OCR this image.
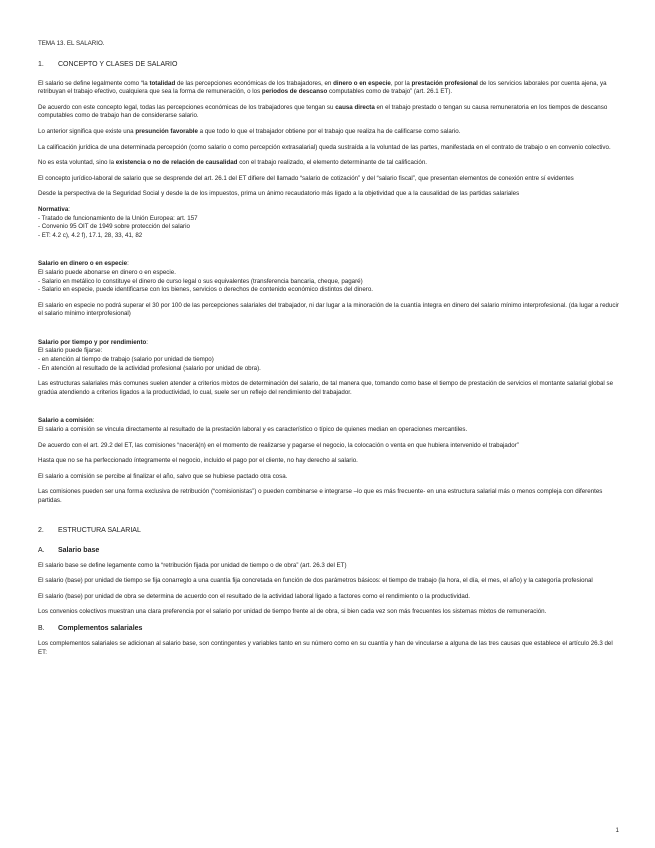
TEMA 13. EL SALARIO.

1. CONCEPTO Y CLASES DE SALARIO

El salario se define legalmente como “la totalidad de las percepciones económicas de los trabajadores, en dinero o en especie, por la prestación profesional de los servicios laborales por cuenta ajena, ya retribuyan el trabajo efectivo, cualquiera que sea la forma de remuneración, o los periodos de descanso computables como de trabajo” (art. 26.1 ET).

De acuerdo con este concepto legal, todas las percepciones económicas de los trabajadores que tengan su causa directa en el trabajo prestado o tengan su causa remuneratoria en los tiempos de descanso computables como de trabajo han de considerarse salario.

Lo anterior significa que existe una presunción favorable a que todo lo que el trabajador obtiene por el trabajo que realiza ha de calificarse como salario.

La calificación jurídica de una determinada percepción (como salario o como percepción extrasalarial) queda sustraída a la voluntad de las partes, manifestada en el contrato de trabajo o en convenio colectivo.

No es esta voluntad, sino la existencia o no de relación de causalidad con el trabajo realizado, el elemento determinante de tal calificación.

El concepto jurídico-laboral de salario que se desprende del art. 26.1 del ET difiere del llamado “salario de cotización” y del “salario fiscal”, que presentan elementos de conexión entre sí evidentes

Desde la perspectiva de la Seguridad Social y desde la de los impuestos, prima un ánimo recaudatorio más ligado a la objetividad que a la causalidad de las partidas salariales

Normativa:

- Tratado de funcionamiento de la Unión Europea: art. 157

- Convenio 95 OIT de 1949 sobre protección del salario

- ET: 4.2 c), 4.2 f), 17.1, 28, 33, 41, 82

Salario en dinero o en especie:

El salario puede abonarse en dinero o en especie.

- Salario en metálico lo constituye el dinero de curso legal o sus equivalentes (transferencia bancaria, cheque, pagaré)

- Salario en especie, puede identificarse con los bienes, servicios o derechos de contenido económico distintos del dinero.

El salario en especie no podrá superar el 30 por 100 de las percepciones salariales del trabajador, ni dar lugar a la minoración de la cuantía íntegra en dinero del salario mínimo interprofesional. (da lugar a reducir el salario mínimo interprofesional)

Salario por tiempo y por rendimiento:

El salario puede fijarse:

- en atención al tiempo de trabajo (salario por unidad de tiempo)

- En atención al resultado de la actividad profesional (salario por unidad de obra).

Las estructuras salariales más comunes suelen atender a criterios mixtos de determinación del salario, de tal manera que, tomando como base el tiempo de prestación de servicios el montante salarial global se gradúa atendiendo a criterios ligados a la productividad, lo cual, suele ser un reflejo del rendimiento del trabajador.

Salario a comisión:

El salario a comisión se vincula directamente al resultado de la prestación laboral y es característico o típico de quienes median en operaciones mercantiles.

De acuerdo con el art. 29.2 del ET, las comisiones “nacerá(n) en el momento de realizarse y pagarse el negocio, la colocación o venta en que hubiera intervenido el trabajador”

Hasta que no se ha perfeccionado íntegramente el negocio, incluido el pago por el cliente, no hay derecho al salario.

El salario a comisión se percibe al finalizar el año, salvo que se hubiese pactado otra cosa.

Las comisiones pueden ser una forma exclusiva de retribución (“comisionistas”) o pueden combinarse e integrarse –lo que es más frecuente- en una estructura salarial más o menos compleja con diferentes partidas.

2. ESTRUCTURA SALARIAL

A. Salario base

El salario base se define legamente como la “retribución fijada por unidad de tiempo o de obra” (art. 26.3 del ET)

El salario (base) por unidad de tiempo se fija conarreglo a una cuantía fija concretada en función de dos parámetros básicos: el tiempo de trabajo (la hora, el día, el mes, el año) y la categoría profesional

El salario (base) por unidad de obra se determina de acuerdo con el resultado de la actividad laboral ligado a factores como el rendimiento o la productividad.

Los convenios colectivos muestran una clara preferencia por el salario por unidad de tiempo frente al de obra, si bien cada vez son más frecuentes los sistemas mixtos de remuneración.

B. Complementos salariales

Los complementos salariales se adicionan al salario base, son contingentes y variables tanto en su número como en su cuantía y han de vincularse a alguna de las tres causas que establece el artículo 26.3 del ET:

1
